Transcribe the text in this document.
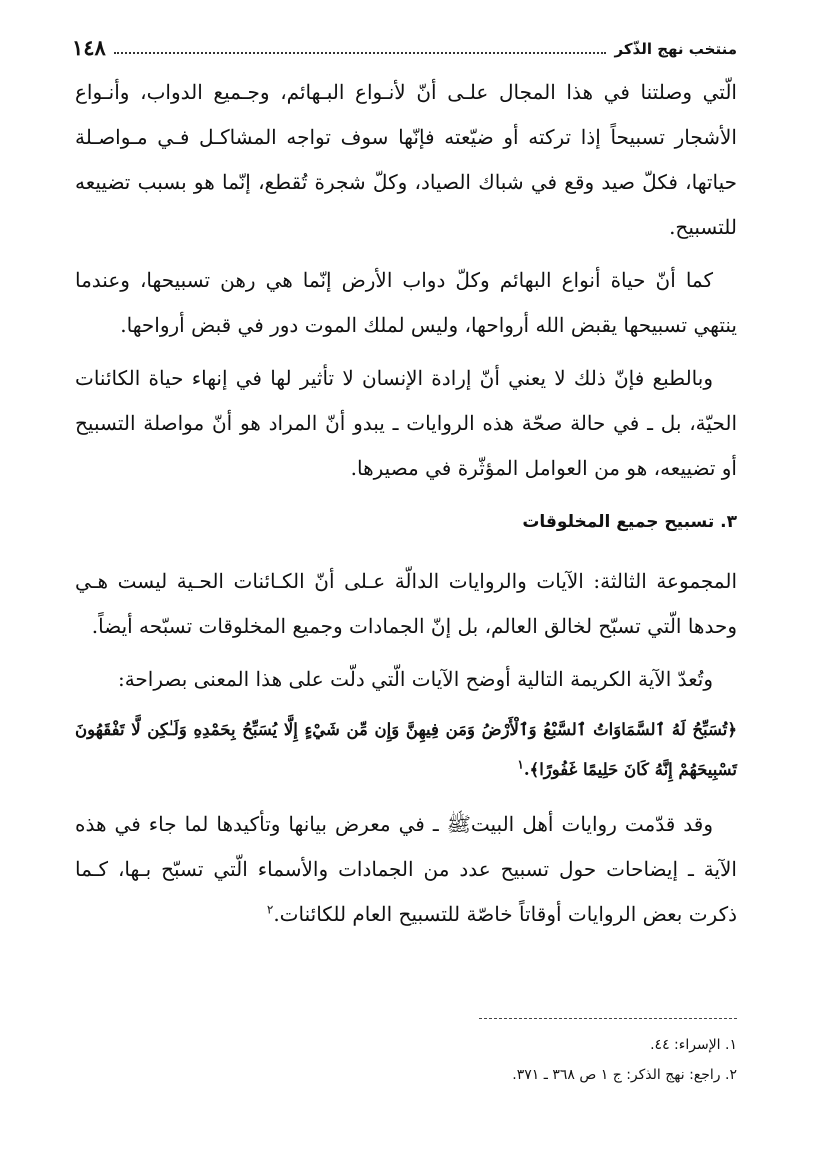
منتخب نهج الذّكر
١٤٨

الّتي وصلتنا في هذا المجال علـى أنّ لأنـواع البـهائم، وجـميع الدواب، وأنـواع الأشجار تسبيحاً إذا تركته أو ضيّعته فإنّها سوف تواجه المشاكـل فـي مـواصـلة حياتها، فكلّ صيد وقع في شباك الصياد، وكلّ شجرة تُقطع، إنّما هو بسبب تضييعه للتسبيح.

كما أنّ حياة أنواع البهائم وكلّ دواب الأرض إنّما هي رهن تسبيحها، وعندما ينتهي تسبيحها يقبض الله أرواحها، وليس لملك الموت دور في قبض أرواحها.

وبالطبع فإنّ ذلك لا يعني أنّ إرادة الإنسان لا تأثير لها في إنهاء حياة الكائنات الحيّة، بل ـ في حالة صحّة هذه الروايات ـ يبدو أنّ المراد هو أنّ مواصلة التسبيح أو تضييعه، هو من العوامل المؤثّرة في مصيرها.

٣. تسبيح جميع المخلوقات

المجموعة الثالثة: الآيات والروايات الدالّة عـلى أنّ الكـائنات الحـية ليست هـي وحدها الّتي تسبّح لخالق العالم، بل إنّ الجمادات وجميع المخلوقات تسبّحه أيضاً.

وتُعدّ الآية الكريمة التالية أوضح الآيات الّتي دلّت على هذا المعنى بصراحة:

﴿تُسَبِّحُ لَهُ ٱلسَّمَاوَاتُ ٱلسَّبْعُ وَٱلْأَرْضُ وَمَن فِيهِنَّ وَإِن مِّن شَيْءٍ إِلَّا يُسَبِّحُ بِحَمْدِهِ وَلَـٰكِن لَّا تَفْقَهُونَ تَسْبِيحَهُمْ إِنَّهُ كَانَ حَلِيمًا غَفُورًا﴾.$^١$

وقد قدّمت روايات أهل البيتﷺ ـ في معرض بيانها وتأكيدها لما جاء في هذه الآية ـ إيضاحات حول تسبيح عدد من الجمادات والأسماء الّتي تسبّح بـها، كـما ذكرت بعض الروايات أوقاتاً خاصّة للتسبيح العام للكائنات.$^٢$

١. الإسراء: ٤٤.
٢. راجع: نهج الذكر: ج ١ ص ٣٦٨ ـ ٣٧١.
